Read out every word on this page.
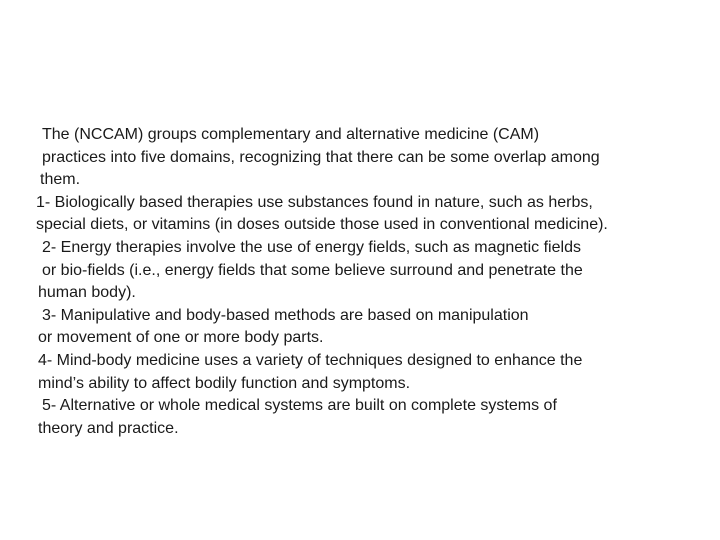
The (NCCAM) groups complementary and alternative medicine (CAM)
practices into five domains, recognizing that there can be some overlap among
them.
1- Biologically based therapies use substances found in nature, such as herbs,
special diets, or vitamins (in doses outside those used in conventional medicine).
2- Energy therapies involve the use of energy fields, such as magnetic fields
or bio-fields (i.e., energy fields that some believe surround and penetrate the
human body).
3- Manipulative and body-based methods are based on manipulation
or movement of one or more body parts.
4- Mind-body medicine uses a variety of techniques designed to enhance the
mind’s ability to affect bodily function and symptoms.
5- Alternative or whole medical systems are built on complete systems of
theory and practice.
